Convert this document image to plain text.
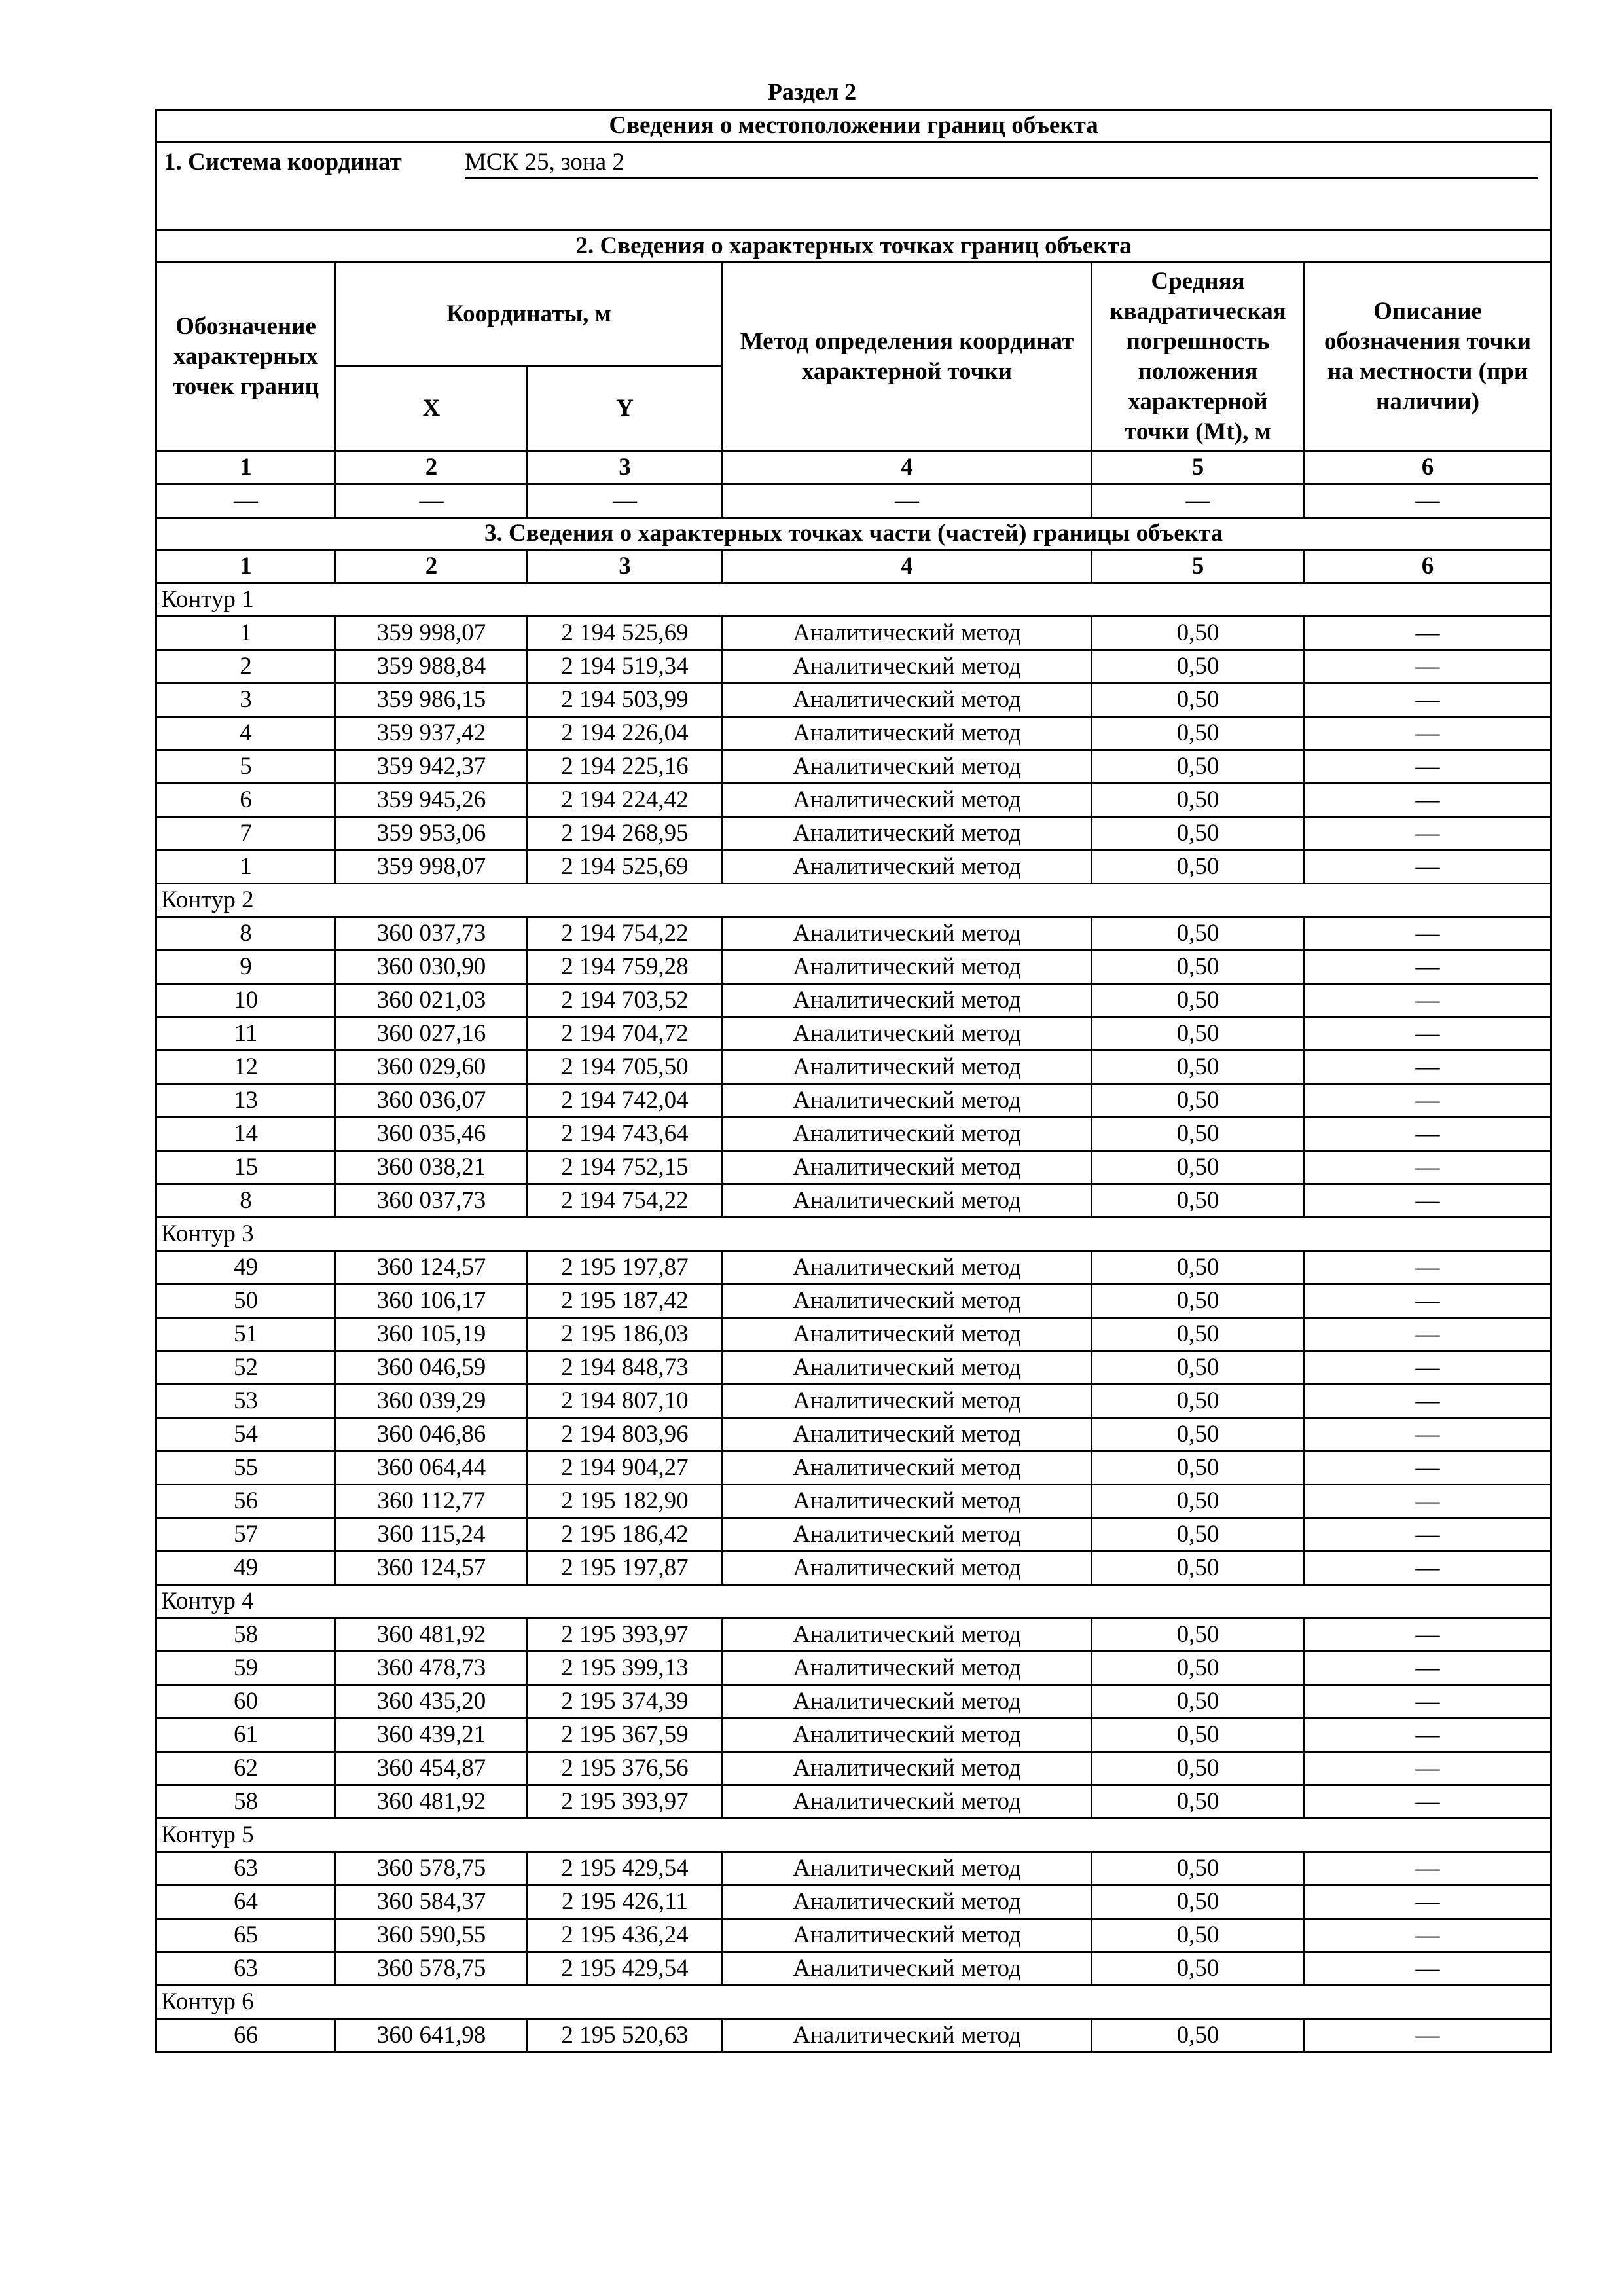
Раздел 2
Сведения о местоположении границ объекта					
1. Система координат МСК 25, зона 2					
2. Сведения о характерных точках границ объекта					
Обозначение характерных точек границ	Координаты, м		Метод определения координат характерной точки	Средняя квадратическая погрешность положения характерной точки (Mt), м	Описание обозначения точки на местности (при наличии)
	X	Y			
1	2	3	4	5	6
—	—	—	—	—	—
3. Сведения о характерных точках части (частей) границы объекта					
1	2	3	4	5	6
Контур 1					
1	359 998,07	2 194 525,69	Аналитический метод	0,50	—
2	359 988,84	2 194 519,34	Аналитический метод	0,50	—
3	359 986,15	2 194 503,99	Аналитический метод	0,50	—
4	359 937,42	2 194 226,04	Аналитический метод	0,50	—
5	359 942,37	2 194 225,16	Аналитический метод	0,50	—
6	359 945,26	2 194 224,42	Аналитический метод	0,50	—
7	359 953,06	2 194 268,95	Аналитический метод	0,50	—
1	359 998,07	2 194 525,69	Аналитический метод	0,50	—
Контур 2					
8	360 037,73	2 194 754,22	Аналитический метод	0,50	—
9	360 030,90	2 194 759,28	Аналитический метод	0,50	—
10	360 021,03	2 194 703,52	Аналитический метод	0,50	—
11	360 027,16	2 194 704,72	Аналитический метод	0,50	—
12	360 029,60	2 194 705,50	Аналитический метод	0,50	—
13	360 036,07	2 194 742,04	Аналитический метод	0,50	—
14	360 035,46	2 194 743,64	Аналитический метод	0,50	—
15	360 038,21	2 194 752,15	Аналитический метод	0,50	—
8	360 037,73	2 194 754,22	Аналитический метод	0,50	—
Контур 3					
49	360 124,57	2 195 197,87	Аналитический метод	0,50	—
50	360 106,17	2 195 187,42	Аналитический метод	0,50	—
51	360 105,19	2 195 186,03	Аналитический метод	0,50	—
52	360 046,59	2 194 848,73	Аналитический метод	0,50	—
53	360 039,29	2 194 807,10	Аналитический метод	0,50	—
54	360 046,86	2 194 803,96	Аналитический метод	0,50	—
55	360 064,44	2 194 904,27	Аналитический метод	0,50	—
56	360 112,77	2 195 182,90	Аналитический метод	0,50	—
57	360 115,24	2 195 186,42	Аналитический метод	0,50	—
49	360 124,57	2 195 197,87	Аналитический метод	0,50	—
Контур 4					
58	360 481,92	2 195 393,97	Аналитический метод	0,50	—
59	360 478,73	2 195 399,13	Аналитический метод	0,50	—
60	360 435,20	2 195 374,39	Аналитический метод	0,50	—
61	360 439,21	2 195 367,59	Аналитический метод	0,50	—
62	360 454,87	2 195 376,56	Аналитический метод	0,50	—
58	360 481,92	2 195 393,97	Аналитический метод	0,50	—
Контур 5					
63	360 578,75	2 195 429,54	Аналитический метод	0,50	—
64	360 584,37	2 195 426,11	Аналитический метод	0,50	—
65	360 590,55	2 195 436,24	Аналитический метод	0,50	—
63	360 578,75	2 195 429,54	Аналитический метод	0,50	—
Контур 6					
66	360 641,98	2 195 520,63	Аналитический метод	0,50	—
